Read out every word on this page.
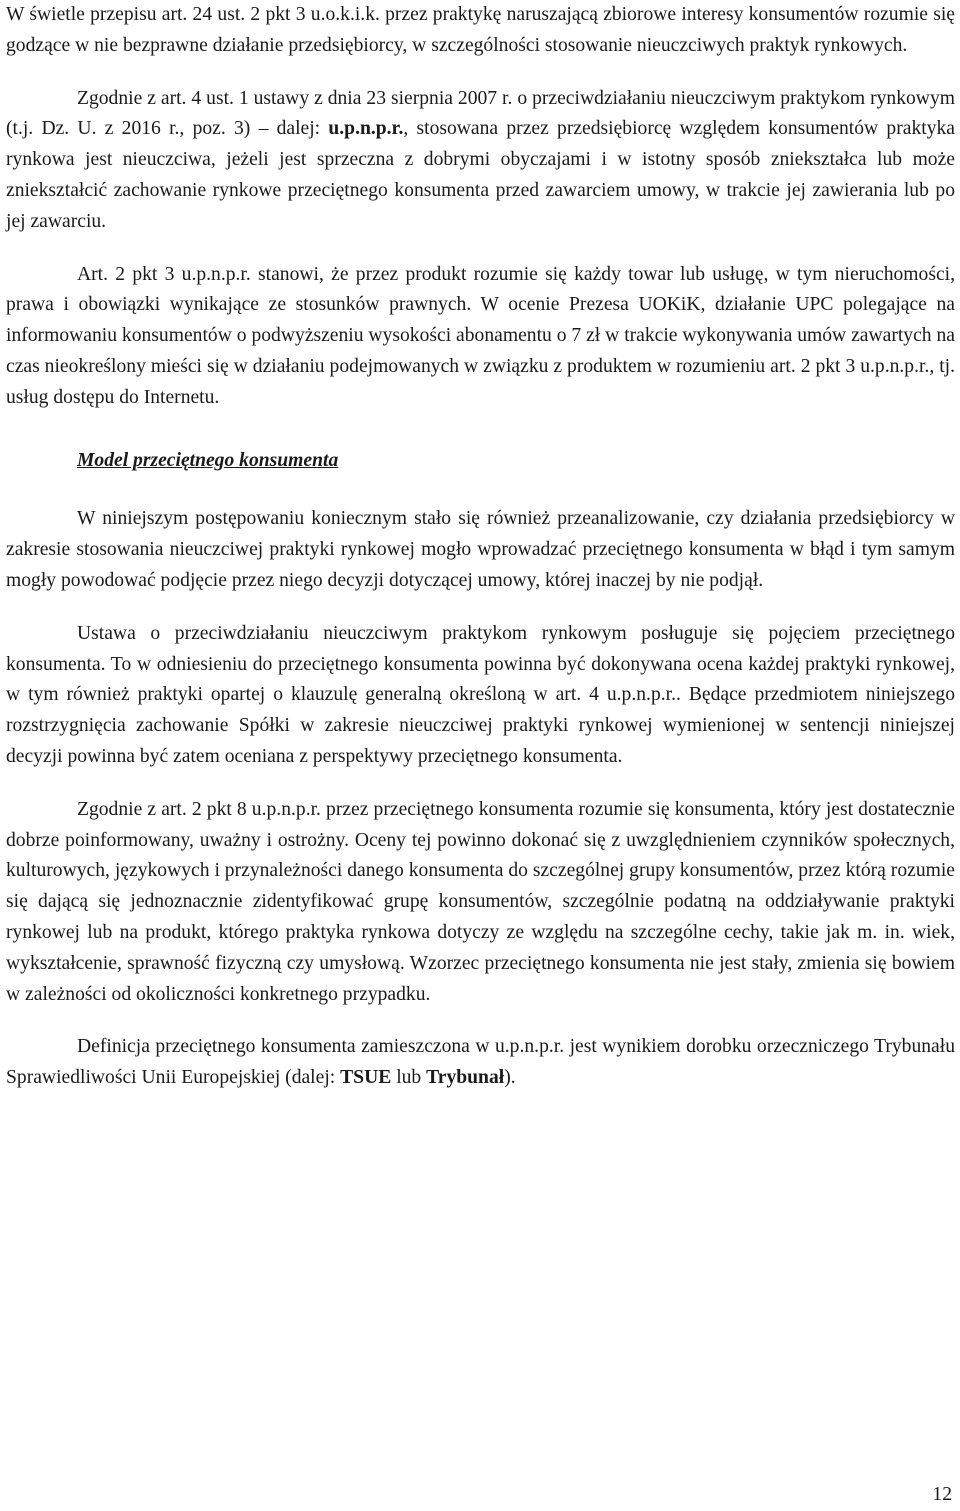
W świetle przepisu art. 24 ust. 2 pkt 3 u.o.k.i.k. przez praktykę naruszającą zbiorowe interesy konsumentów rozumie się godzące w nie bezprawne działanie przedsiębiorcy, w szczególności stosowanie nieuczciwych praktyk rynkowych.

Zgodnie z art. 4 ust. 1 ustawy z dnia 23 sierpnia 2007 r. o przeciwdziałaniu nieuczciwym praktykom rynkowym (t.j. Dz. U. z 2016 r., poz. 3) – dalej: u.p.n.p.r., stosowana przez przedsiębiorcę względem konsumentów praktyka rynkowa jest nieuczciwa, jeżeli jest sprzeczna z dobrymi obyczajami i w istotny sposób zniekształca lub może zniekształcić zachowanie rynkowe przeciętnego konsumenta przed zawarciem umowy, w trakcie jej zawierania lub po jej zawarciu.

Art. 2 pkt 3 u.p.n.p.r. stanowi, że przez produkt rozumie się każdy towar lub usługę, w tym nieruchomości, prawa i obowiązki wynikające ze stosunków prawnych. W ocenie Prezesa UOKiK, działanie UPC polegające na informowaniu konsumentów o podwyższeniu wysokości abonamentu o 7 zł w trakcie wykonywania umów zawartych na czas nieokreślony mieści się w działaniu podejmowanych w związku z produktem w rozumieniu art. 2 pkt 3 u.p.n.p.r., tj. usług dostępu do Internetu.

Model przeciętnego konsumenta

W niniejszym postępowaniu koniecznym stało się również przeanalizowanie, czy działania przedsiębiorcy w zakresie stosowania nieuczciwej praktyki rynkowej mogło wprowadzać przeciętnego konsumenta w błąd i tym samym mogły powodować podjęcie przez niego decyzji dotyczącej umowy, której inaczej by nie podjął.

Ustawa o przeciwdziałaniu nieuczciwym praktykom rynkowym posługuje się pojęciem przeciętnego konsumenta. To w odniesieniu do przeciętnego konsumenta powinna być dokonywana ocena każdej praktyki rynkowej, w tym również praktyki opartej o klauzulę generalną określoną w art. 4 u.p.n.p.r.. Będące przedmiotem niniejszego rozstrzygnięcia zachowanie Spółki w zakresie nieuczciwej praktyki rynkowej wymienionej w sentencji niniejszej decyzji powinna być zatem oceniana z perspektywy przeciętnego konsumenta.

Zgodnie z art. 2 pkt 8 u.p.n.p.r. przez przeciętnego konsumenta rozumie się konsumenta, który jest dostatecznie dobrze poinformowany, uważny i ostrożny. Oceny tej powinno dokonać się z uwzględnieniem czynników społecznych, kulturowych, językowych i przynależności danego konsumenta do szczególnej grupy konsumentów, przez którą rozumie się dającą się jednoznacznie zidentyfikować grupę konsumentów, szczególnie podatną na oddziaływanie praktyki rynkowej lub na produkt, którego praktyka rynkowa dotyczy ze względu na szczególne cechy, takie jak m. in. wiek, wykształcenie, sprawność fizyczną czy umysłową. Wzorzec przeciętnego konsumenta nie jest stały, zmienia się bowiem w zależności od okoliczności konkretnego przypadku.

Definicja przeciętnego konsumenta zamieszczona w u.p.n.p.r. jest wynikiem dorobku orzeczniczego Trybunału Sprawiedliwości Unii Europejskiej (dalej: TSUE lub Trybunał).

12
